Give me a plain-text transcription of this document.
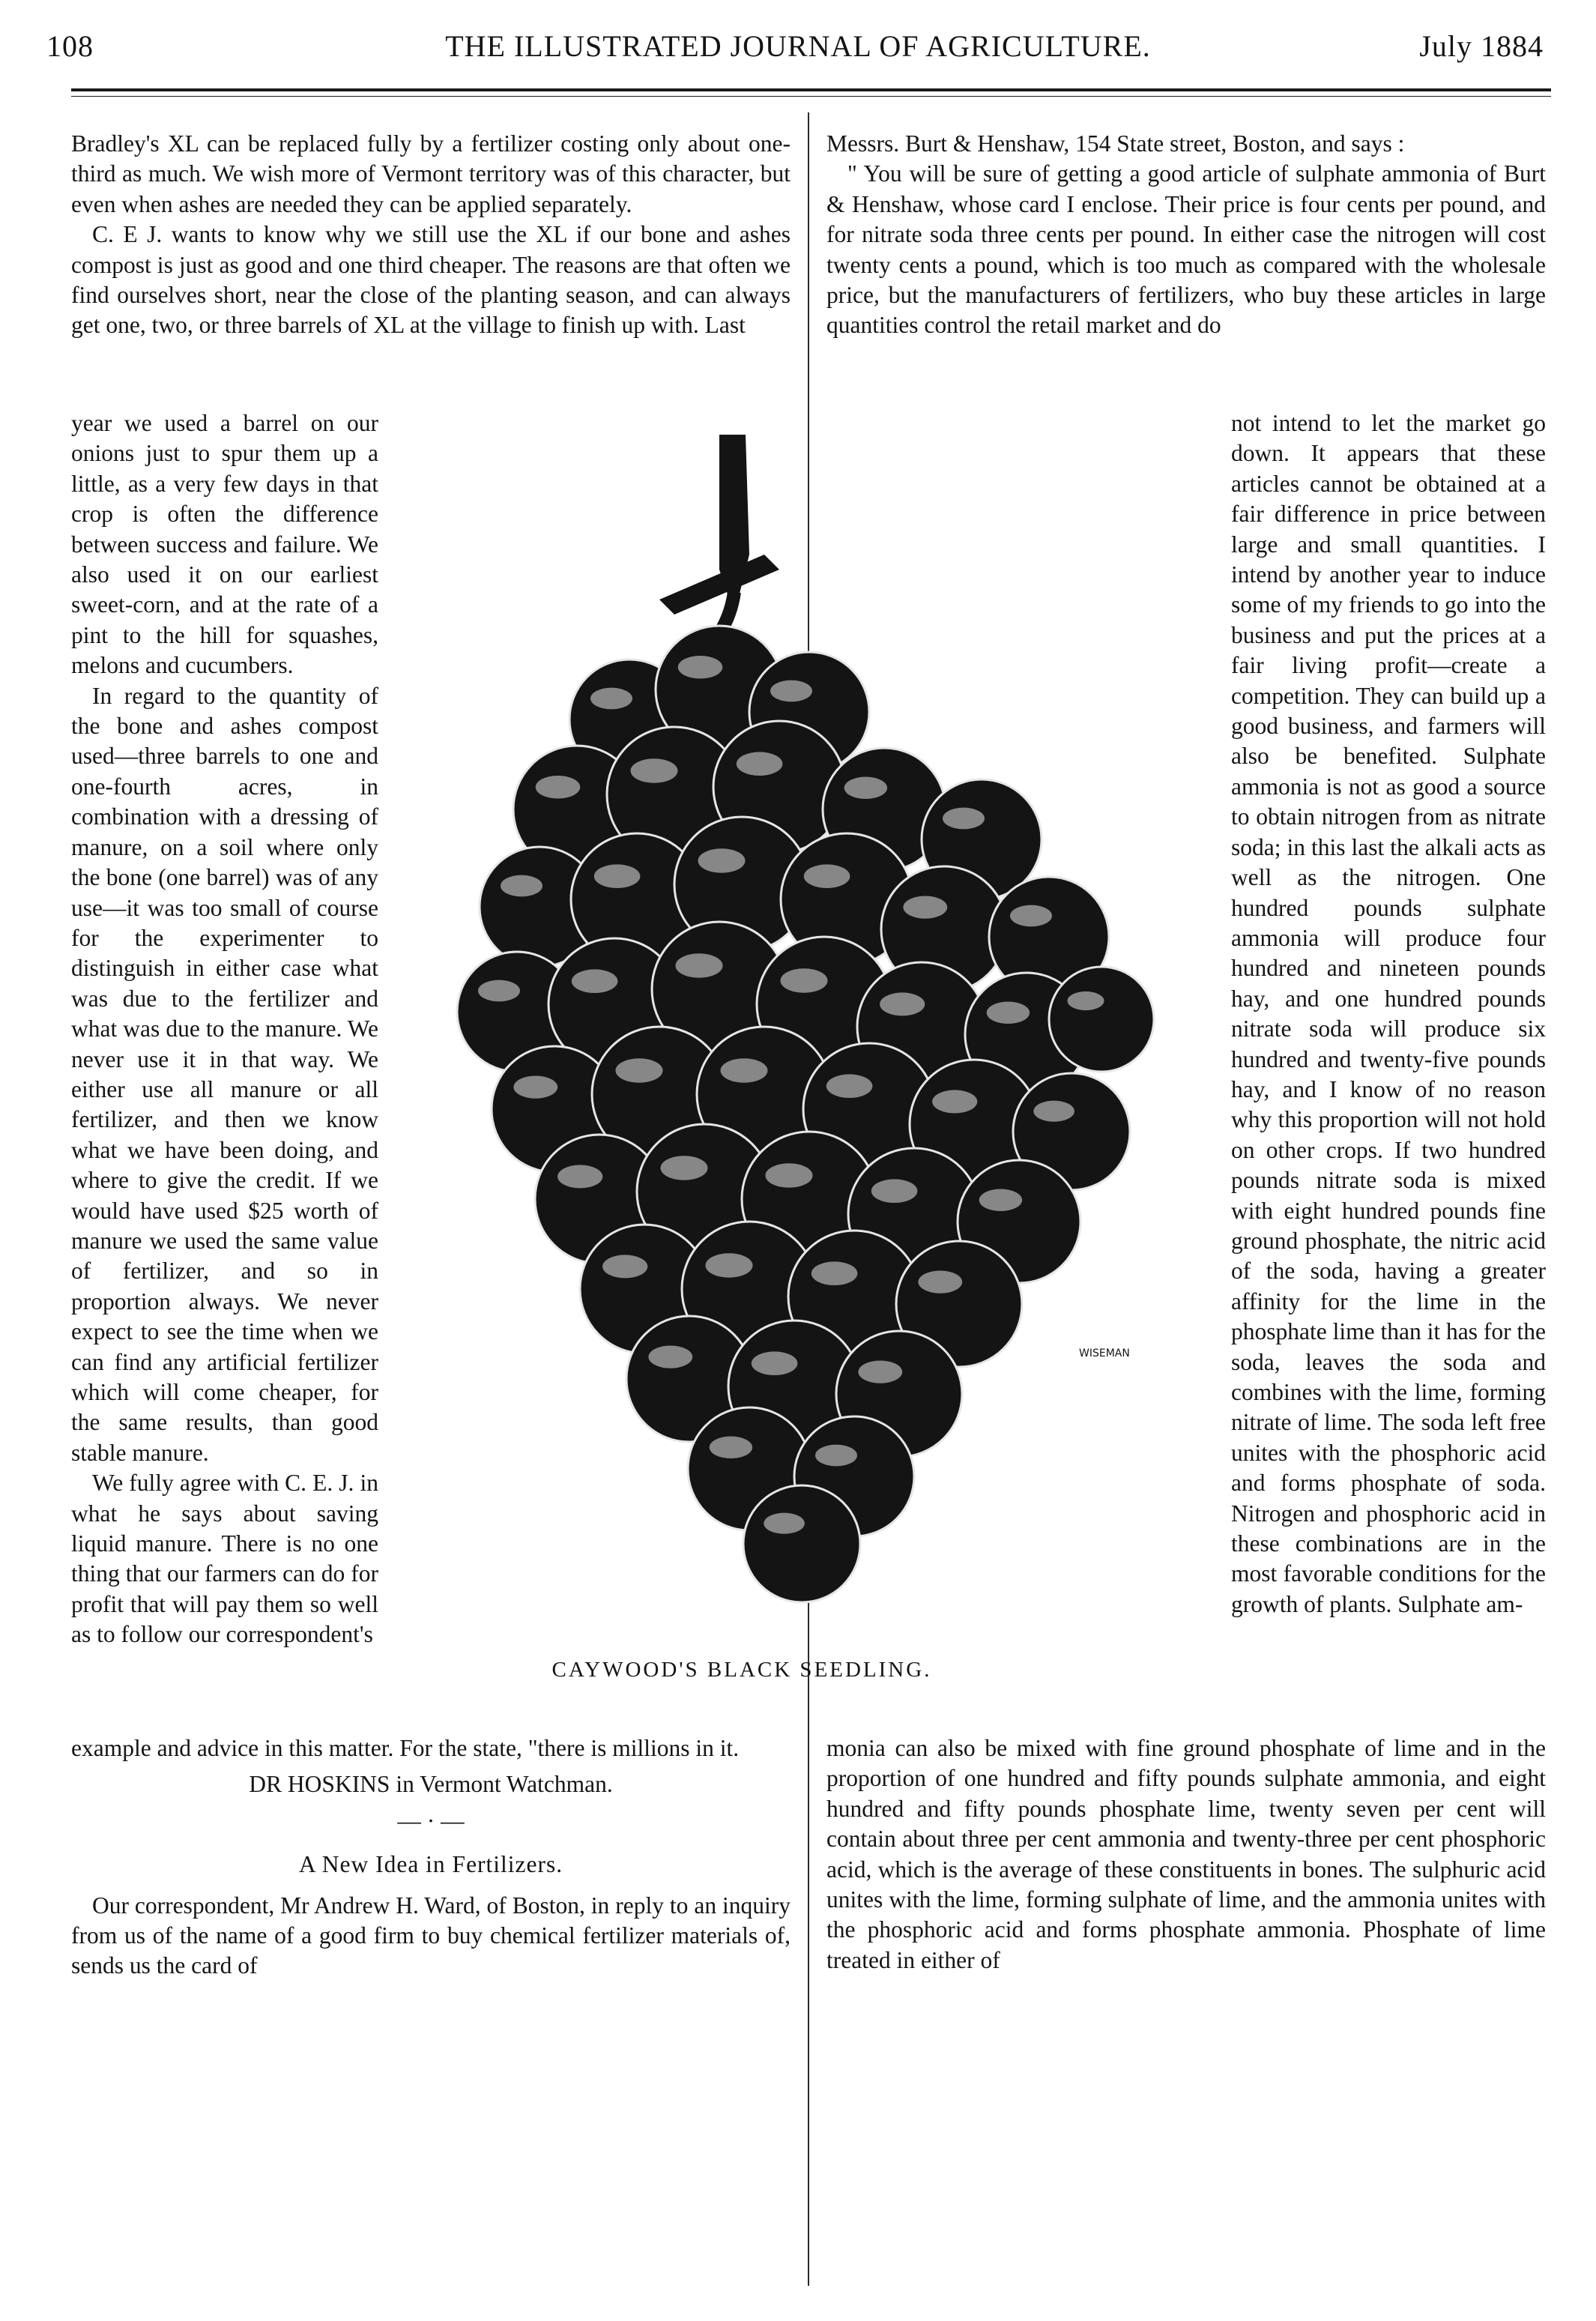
108	THE ILLUSTRATED JOURNAL OF AGRICULTURE.	July 1884

Bradley's XL can be replaced fully by a fertilizer costing only about one-third as much. We wish more of Vermont territory was of this character, but even when ashes are needed they can be applied separately.

C. E J. wants to know why we still use the XL if our bone and ashes compost is just as good and one third cheaper. The reasons are that often we find ourselves short, near the close of the planting season, and can always get one, two, or three barrels of XL at the village to finish up with. Last

year we used a barrel on our onions just to spur them up a little, as a very few days in that crop is often the difference between success and failure. We also used it on our earliest sweet-corn, and at the rate of a pint to the hill for squashes, melons and cucumbers.

In regard to the quantity of the bone and ashes compost used—three barrels to one and one-fourth acres, in combination with a dressing of manure, on a soil where only the bone (one barrel) was of any use—it was too small of course for the experimenter to distinguish in either case what was due to the fertilizer and what was due to the manure. We never use it in that way. We either use all manure or all fertilizer, and then we know what we have been doing, and where to give the credit. If we would have used $25 worth of manure we used the same value of fertilizer, and so in proportion always. We never expect to see the time when we can find any artificial fertilizer which will come cheaper, for the same results, than good stable manure.

We fully agree with C. E. J. in what he says about saving liquid manure. There is no one thing that our farmers can do for profit that will pay them so well as to follow our correspondent's

example and advice in this matter. For the state, "there is millions in it.

DR HOSKINS in Vermont Watchman.

— · —

A New Idea in Fertilizers.

Our correspondent, Mr Andrew H. Ward, of Boston, in reply to an inquiry from us of the name of a good firm to buy chemical fertilizer materials of, sends us the card of

Messrs. Burt & Henshaw, 154 State street, Boston, and says :

" You will be sure of getting a good article of sulphate ammonia of Burt & Henshaw, whose card I enclose. Their price is four cents per pound, and for nitrate soda three cents per pound. In either case the nitrogen will cost twenty cents a pound, which is too much as compared with the wholesale price, but the manufacturers of fertilizers, who buy these articles in large quantities control the retail market and do

not intend to let the market go down. It appears that these articles cannot be obtained at a fair difference in price between large and small quantities. I intend by another year to induce some of my friends to go into the business and put the prices at a fair living profit—create a competition. They can build up a good business, and farmers will also be benefited. Sulphate ammonia is not as good a source to obtain nitrogen from as nitrate soda; in this last the alkali acts as well as the nitrogen. One hundred pounds sulphate ammonia will produce four hundred and nineteen pounds hay, and one hundred pounds nitrate soda will produce six hundred and twenty-five pounds hay, and I know of no reason why this proportion will not hold on other crops. If two hundred pounds nitrate soda is mixed with eight hundred pounds fine ground phosphate, the nitric acid of the soda, having a greater affinity for the lime in the phosphate lime than it has for the soda, leaves the soda and combines with the lime, forming nitrate of lime. The soda left free unites with the phosphoric acid and forms phosphate of soda. Nitrogen and phosphoric acid in these combinations are in the most favorable conditions for the growth of plants. Sulphate am-

monia can also be mixed with fine ground phosphate of lime and in the proportion of one hundred and fifty pounds sulphate ammonia, and eight hundred and fifty pounds phosphate lime, twenty seven per cent will contain about three per cent ammonia and twenty-three per cent phosphoric acid, which is the average of these constituents in bones. The sulphuric acid unites with the lime, forming sulphate of lime, and the ammonia unites with the phosphoric acid and forms phosphate ammonia. Phosphate of lime treated in either of

WISEMAN
CAYWOOD'S BLACK SEEDLING.
